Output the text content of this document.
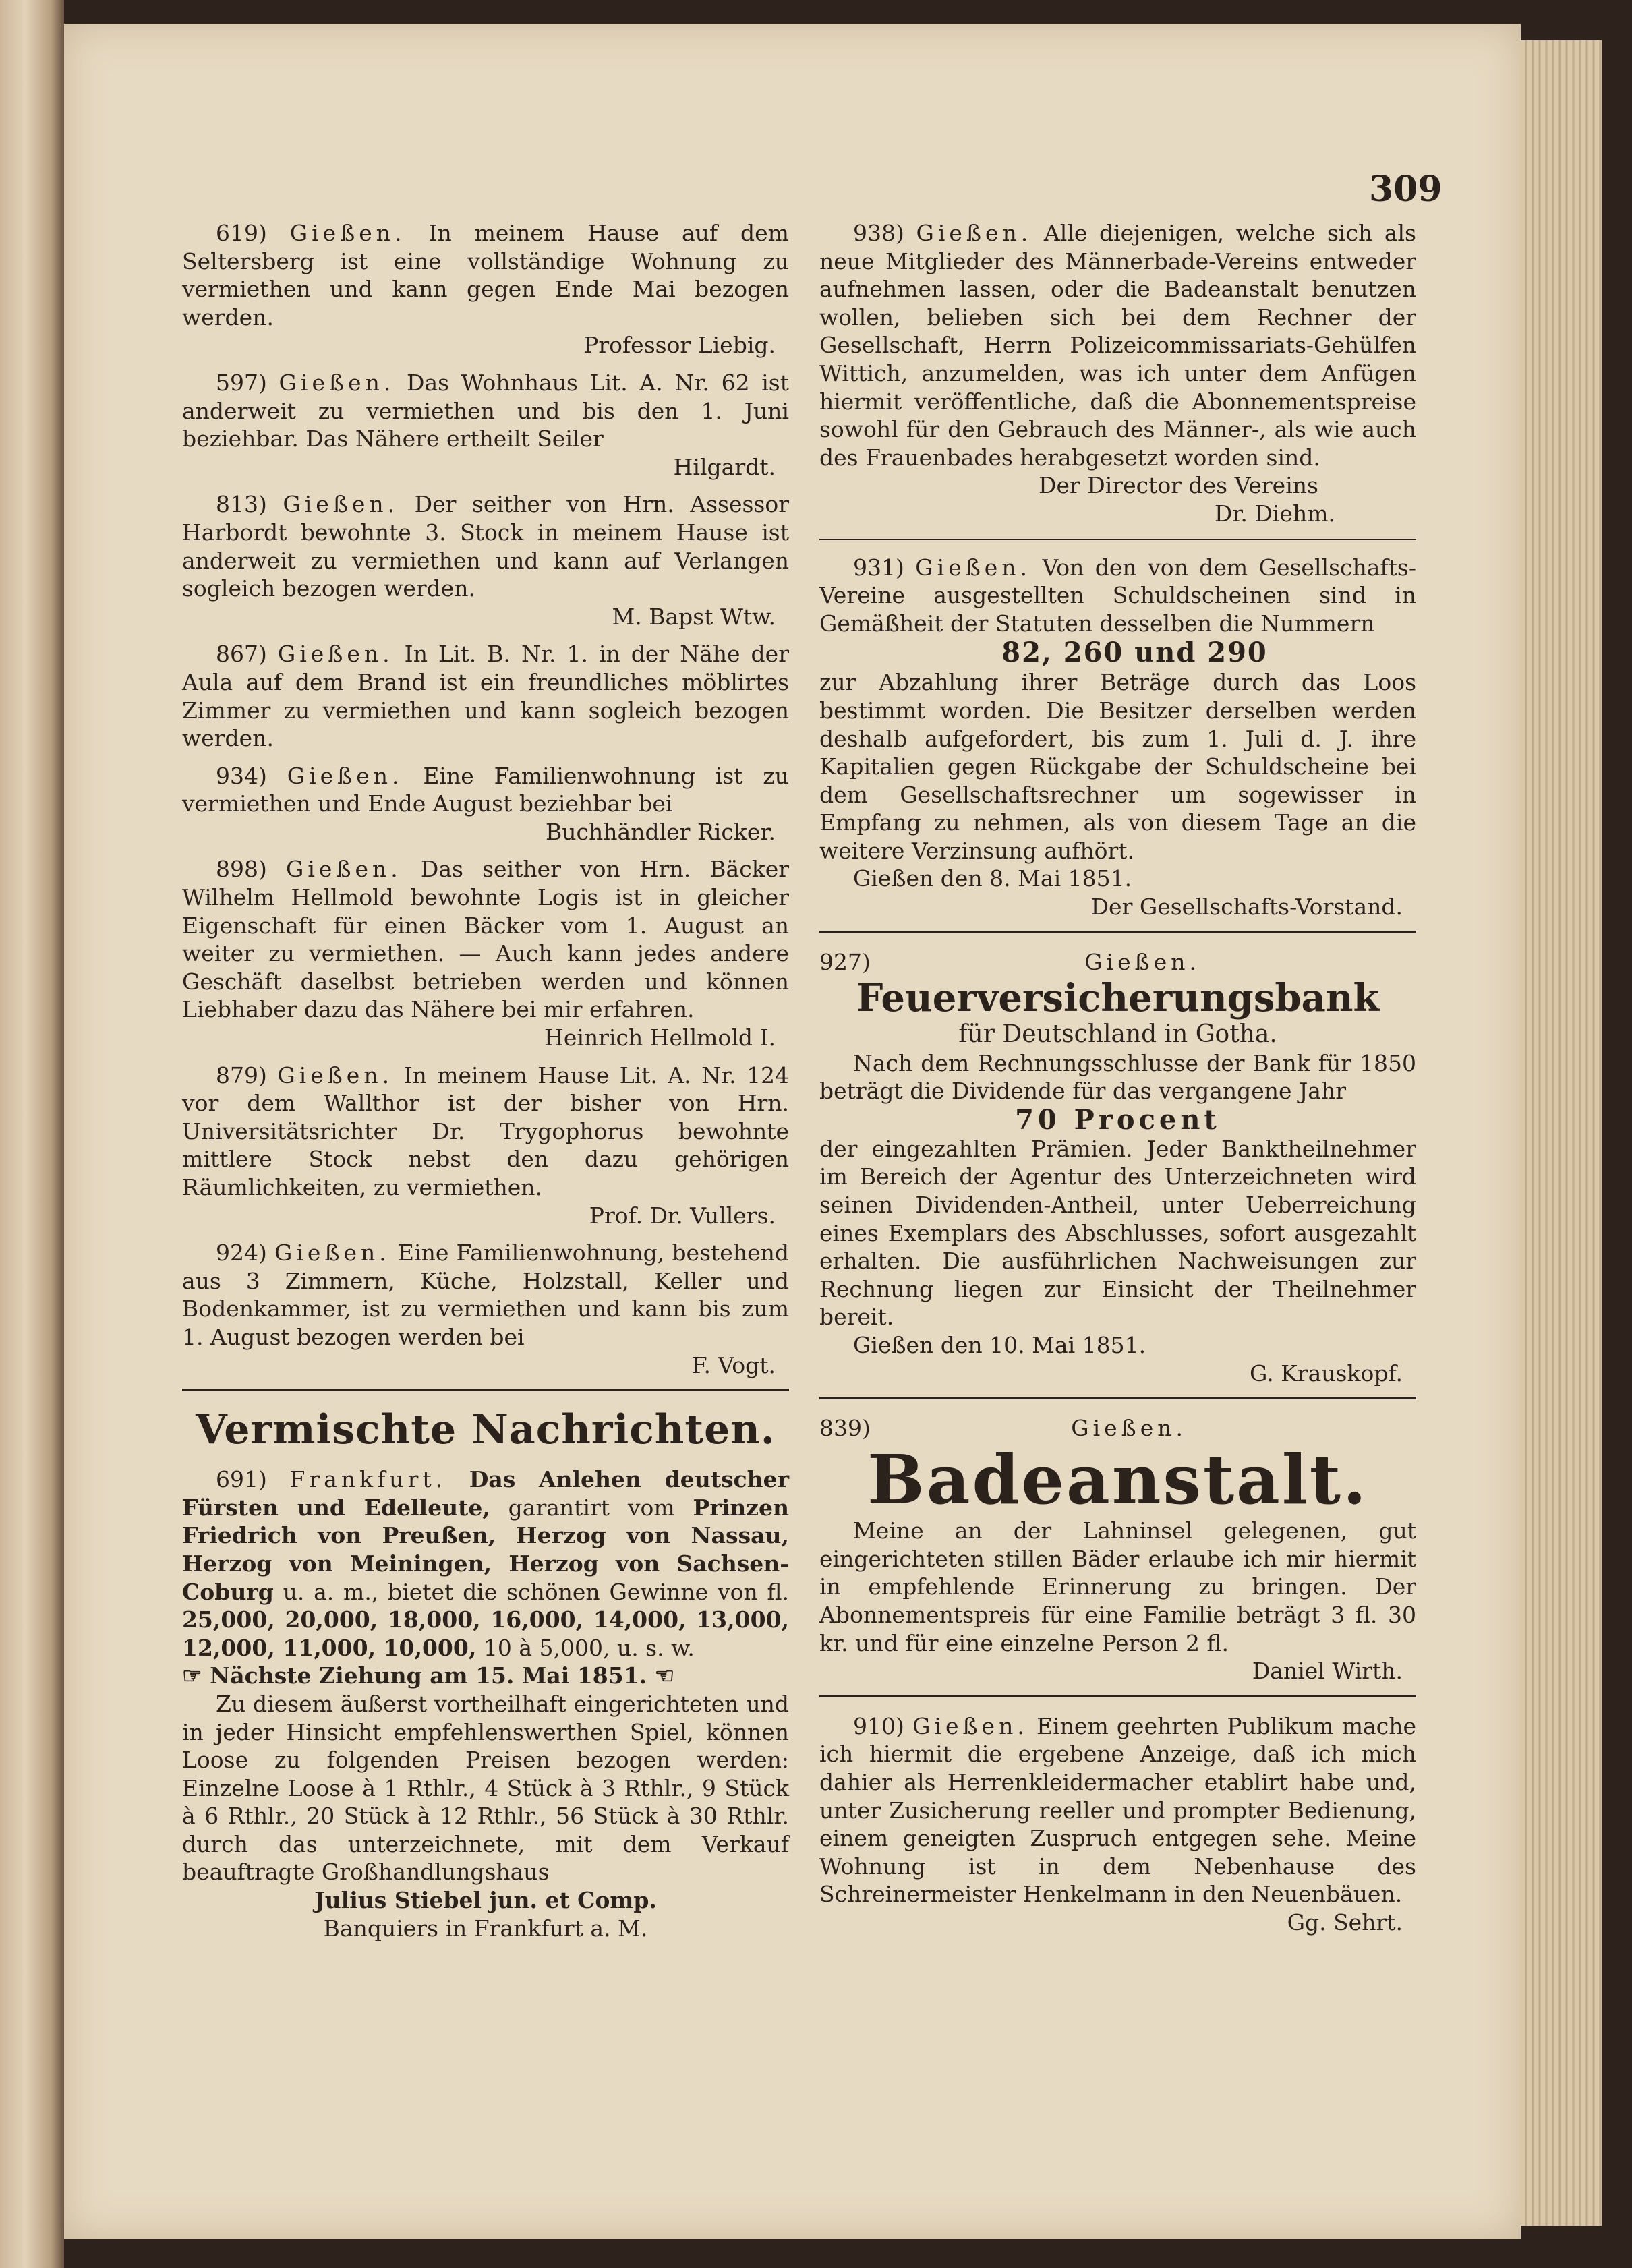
309

619) Gießen. In meinem Hause auf dem Seltersberg ist eine vollständige Wohnung zu vermiethen und kann gegen Ende Mai bezogen werden.

Professor Liebig.

597) Gießen. Das Wohnhaus Lit. A. Nr. 62 ist anderweit zu vermiethen und bis den 1. Juni beziehbar. Das Nähere ertheilt Seiler

Hilgardt.

813) Gießen. Der seither von Hrn. Assessor Harbordt bewohnte 3. Stock in meinem Hause ist anderweit zu vermiethen und kann auf Verlangen sogleich bezogen werden.

M. Bapst Wtw.

867) Gießen. In Lit. B. Nr. 1. in der Nähe der Aula auf dem Brand ist ein freundliches möblirtes Zimmer zu vermiethen und kann sogleich bezogen werden.

934) Gießen. Eine Familienwohnung ist zu vermiethen und Ende August beziehbar bei

Buchhändler Ricker.

898) Gießen. Das seither von Hrn. Bäcker Wilhelm Hellmold bewohnte Logis ist in gleicher Eigenschaft für einen Bäcker vom 1. August an weiter zu vermiethen. — Auch kann jedes andere Geschäft daselbst betrieben werden und können Liebhaber dazu das Nähere bei mir erfahren.

Heinrich Hellmold I.

879) Gießen. In meinem Hause Lit. A. Nr. 124 vor dem Wallthor ist der bisher von Hrn. Universitätsrichter Dr. Trygophorus bewohnte mittlere Stock nebst den dazu gehörigen Räumlichkeiten, zu vermiethen.

Prof. Dr. Vullers.

924) Gießen. Eine Familienwohnung, bestehend aus 3 Zimmern, Küche, Holzstall, Keller und Bodenkammer, ist zu vermiethen und kann bis zum 1. August bezogen werden bei

F. Vogt.

Vermischte Nachrichten.

691) Frankfurt. Das Anlehen deutscher Fürsten und Edelleute, garantirt vom Prinzen Friedrich von Preußen, Herzog von Nassau, Herzog von Meiningen, Herzog von Sachsen-Coburg u. a. m., bietet die schönen Gewinne von fl. 25,000, 20,000, 18,000, 16,000, 14,000, 13,000, 12,000, 11,000, 10,000, 10 à 5,000, u. s. w.

☞ Nächste Ziehung am 15. Mai 1851. ☜

Zu diesem äußerst vortheilhaft eingerichteten und in jeder Hinsicht empfehlenswerthen Spiel, können Loose zu folgenden Preisen bezogen werden: Einzelne Loose à 1 Rthlr., 4 Stück à 3 Rthlr., 9 Stück à 6 Rthlr., 20 Stück à 12 Rthlr., 56 Stück à 30 Rthlr. durch das unterzeichnete, mit dem Verkauf beauftragte Großhandlungshaus

Julius Stiebel jun. et Comp.

Banquiers in Frankfurt a. M.

938) Gießen. Alle diejenigen, welche sich als neue Mitglieder des Männerbade-Vereins entweder aufnehmen lassen, oder die Badeanstalt benutzen wollen, belieben sich bei dem Rechner der Gesellschaft, Herrn Polizeicommissariats-Gehülfen Wittich, anzumelden, was ich unter dem Anfügen hiermit veröffentliche, daß die Abonnementspreise sowohl für den Gebrauch des Männer-, als wie auch des Frauenbades herabgesetzt worden sind.

Der Director des Vereins

Dr. Diehm.

931) Gießen. Von den von dem Gesellschafts-Vereine ausgestellten Schuldscheinen sind in Gemäßheit der Statuten desselben die Nummern

82, 260 und 290

zur Abzahlung ihrer Beträge durch das Loos bestimmt worden. Die Besitzer derselben werden deshalb aufgefordert, bis zum 1. Juli d. J. ihre Kapitalien gegen Rückgabe der Schuldscheine bei dem Gesellschaftsrechner um sogewisser in Empfang zu nehmen, als von diesem Tage an die weitere Verzinsung aufhört.

Gießen den 8. Mai 1851.

Der Gesellschafts-Vorstand.

927)	Gießen.
Feuerversicherungsbank
für Deutschland in Gotha.

Nach dem Rechnungsschlusse der Bank für 1850 beträgt die Dividende für das vergangene Jahr

70 Procent

der eingezahlten Prämien. Jeder Banktheilnehmer im Bereich der Agentur des Unterzeichneten wird seinen Dividenden-Antheil, unter Ueberreichung eines Exemplars des Abschlusses, sofort ausgezahlt erhalten. Die ausführlichen Nachweisungen zur Rechnung liegen zur Einsicht der Theilnehmer bereit.

Gießen den 10. Mai 1851.

G. Krauskopf.

839)	Gießen.
Badeanstalt.

Meine an der Lahninsel gelegenen, gut eingerichteten stillen Bäder erlaube ich mir hiermit in empfehlende Erinnerung zu bringen. Der Abonnementspreis für eine Familie beträgt 3 fl. 30 kr. und für eine einzelne Person 2 fl.

Daniel Wirth.

910) Gießen. Einem geehrten Publikum mache ich hiermit die ergebene Anzeige, daß ich mich dahier als Herrenkleidermacher etablirt habe und, unter Zusicherung reeller und prompter Bedienung, einem geneigten Zuspruch entgegen sehe. Meine Wohnung ist in dem Nebenhause des Schreinermeister Henkelmann in den Neuenbäuen.

Gg. Sehrt.
